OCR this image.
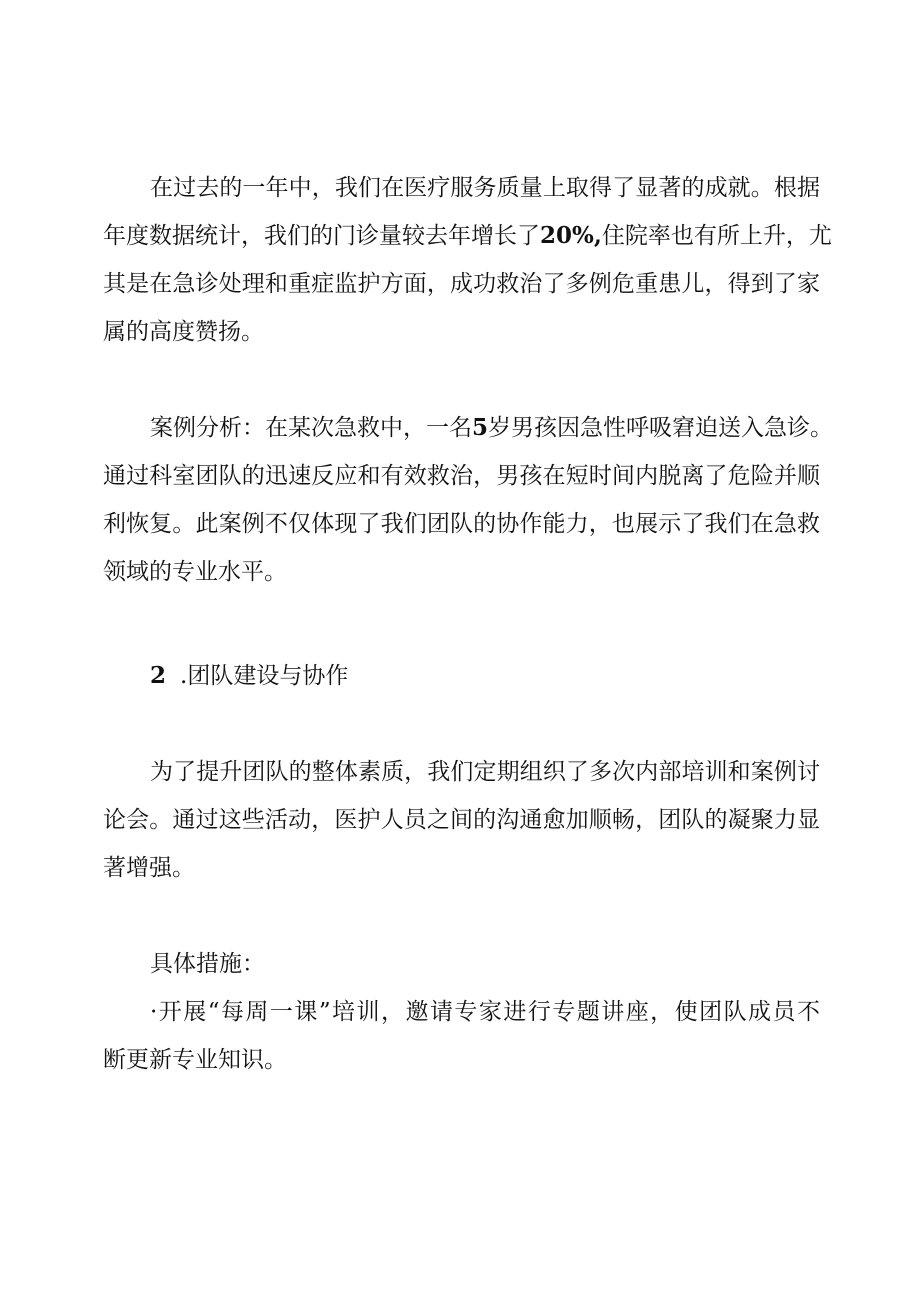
在过去的一年中，我们在医疗服务质量上取得了显著的成就。根据
年度数据统计，我们的门诊量较去年增长了20%,住院率也有所上升，尤
其是在急诊处理和重症监护方面，成功救治了多例危重患儿，得到了家
属的高度赞扬。
案例分析：在某次急救中，一名5岁男孩因急性呼吸窘迫送入急诊。
通过科室团队的迅速反应和有效救治，男孩在短时间内脱离了危险并顺
利恢复。此案例不仅体现了我们团队的协作能力，也展示了我们在急救
领域的专业水平。
2 .团队建设与协作
为了提升团队的整体素质，我们定期组织了多次内部培训和案例讨
论会。通过这些活动，医护人员之间的沟通愈加顺畅，团队的凝聚力显
著增强。
具体措施：
·开展“每周一课”培训，邀请专家进行专题讲座，使团队成员不
断更新专业知识。
